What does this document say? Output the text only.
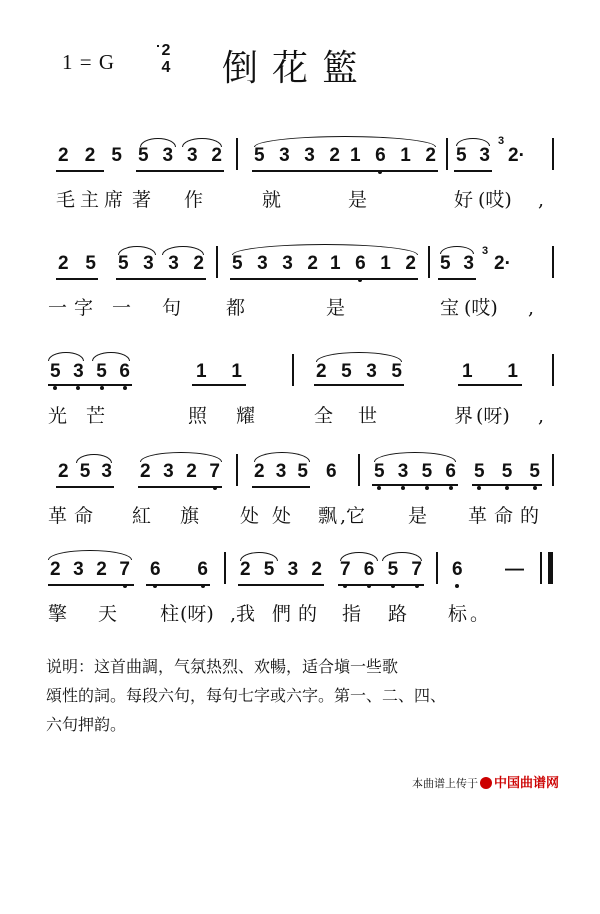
1 = G	2
4 倒花籃
2 2 5 5 3 3 2 5 3 3 2 1 6 1 2 5 3
3
2·

毛

主

席

著

作

	就

	是

	好

(哎)

,

2 5 5 3 3 2 5 3 3 2 1 6 1 2 5 3
3
2·

一

字

一

句

都

	是

	宝

(哎)

,

5 3 5 6	1 1	2 5 3 5	1 1

光

芒

	照

耀

	全

世

	界

(呀)

,

2 5 3 2 3 2 7 2 3 5 6 5 3 5 6 5 5 5

革

命

紅

旗

处

处

飘

,它

是

革

命

的

2 3 2 7 6 6 2 5 3 2 7 6 5 7 6 —

擎

天

柱

(呀)

,我

們

的

指

路

标

。

说明：这首曲調，气氛热烈、欢暢，适合塡一些歌

頌性的詞。每段六句，每句七字或六字。第一、二、四、

六句押韵。

本曲谱上传于 中国曲谱网
